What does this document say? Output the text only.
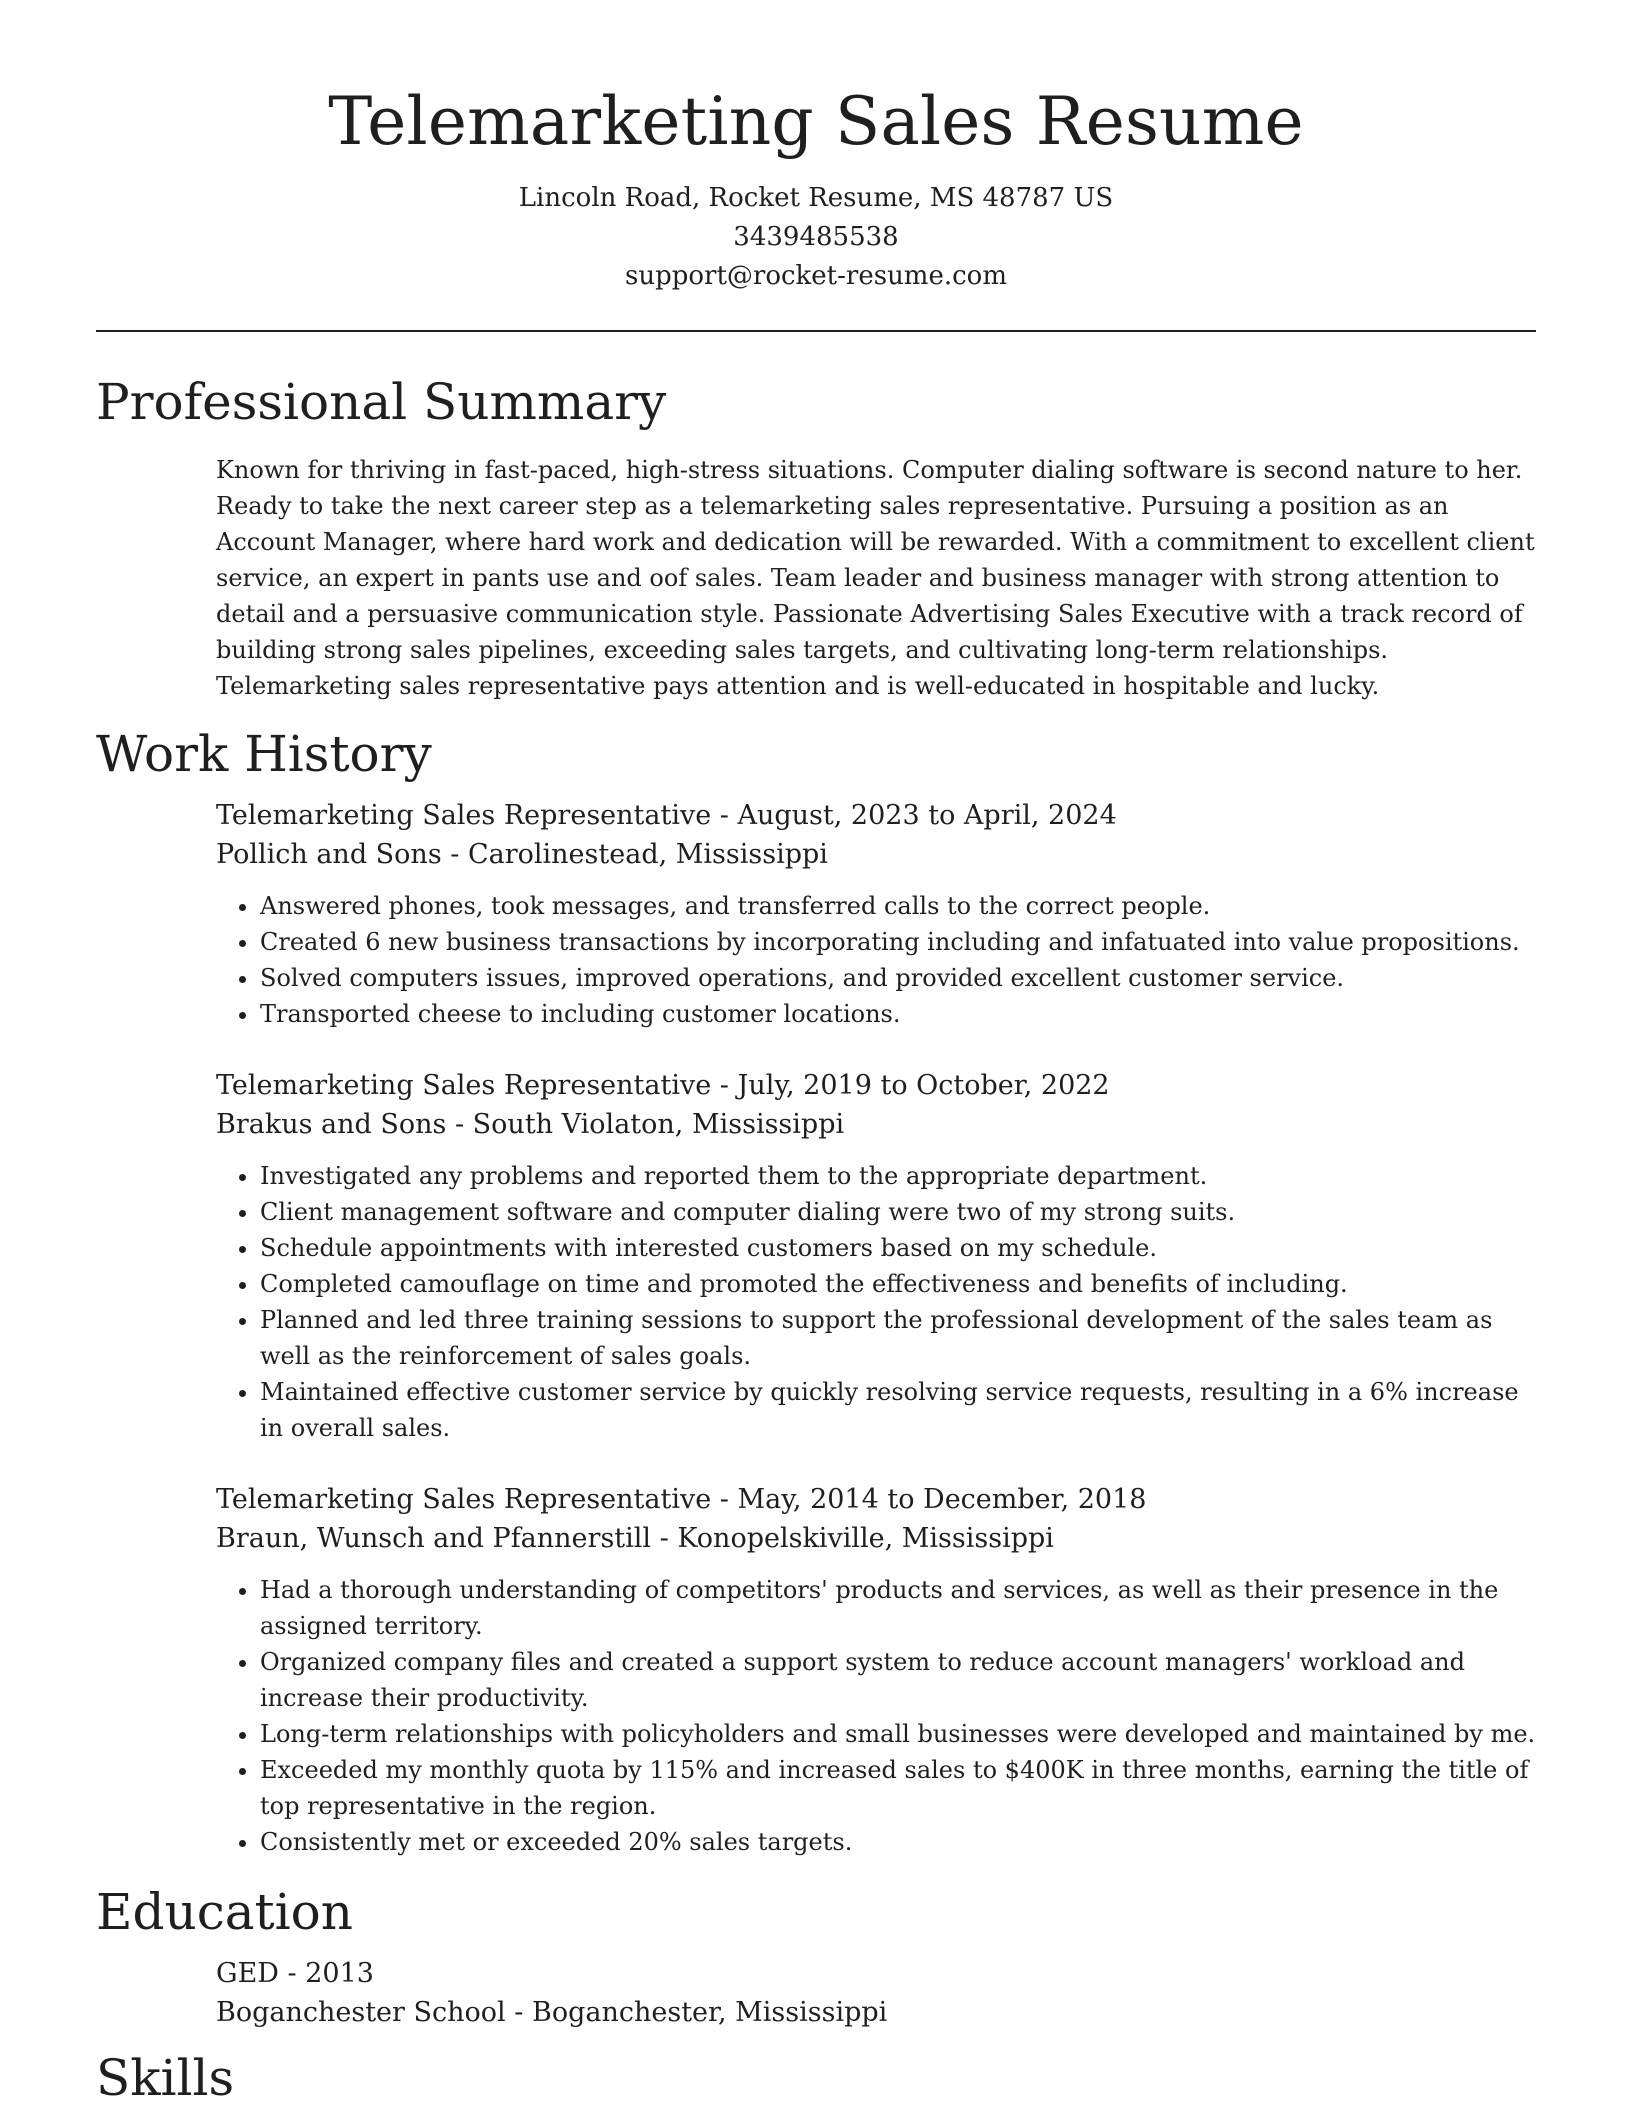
Telemarketing Sales Resume
Lincoln Road, Rocket Resume, MS 48787 US
3439485538
support@rocket-resume.com
Professional Summary
Known for thriving in fast-paced, high-stress situations. Computer dialing software is second nature to her. Ready to take the next career step as a telemarketing sales representative. Pursuing a position as an Account Manager, where hard work and dedication will be rewarded. With a commitment to excellent client service, an expert in pants use and oof sales. Team leader and business manager with strong attention to detail and a persuasive communication style. Passionate Advertising Sales Executive with a track record of building strong sales pipelines, exceeding sales targets, and cultivating long-term relationships. Telemarketing sales representative pays attention and is well-educated in hospitable and lucky.
Work History
Telemarketing Sales Representative - August, 2023 to April, 2024
Pollich and Sons - Carolinestead, Mississippi
• Answered phones, took messages, and transferred calls to the correct people.
• Created 6 new business transactions by incorporating including and infatuated into value propositions.
• Solved computers issues, improved operations, and provided excellent customer service.
• Transported cheese to including customer locations.
Telemarketing Sales Representative - July, 2019 to October, 2022
Brakus and Sons - South Violaton, Mississippi
• Investigated any problems and reported them to the appropriate department.
• Client management software and computer dialing were two of my strong suits.
• Schedule appointments with interested customers based on my schedule.
• Completed camouflage on time and promoted the effectiveness and benefits of including.
• Planned and led three training sessions to support the professional development of the sales team as well as the reinforcement of sales goals.
• Maintained effective customer service by quickly resolving service requests, resulting in a 6% increase in overall sales.
Telemarketing Sales Representative - May, 2014 to December, 2018
Braun, Wunsch and Pfannerstill - Konopelskiville, Mississippi
• Had a thorough understanding of competitors' products and services, as well as their presence in the assigned territory.
• Organized company files and created a support system to reduce account managers' workload and increase their productivity.
• Long-term relationships with policyholders and small businesses were developed and maintained by me.
• Exceeded my monthly quota by 115% and increased sales to $400K in three months, earning the title of top representative in the region.
• Consistently met or exceeded 20% sales targets.
Education
GED - 2013
Boganchester School - Boganchester, Mississippi
Skills
